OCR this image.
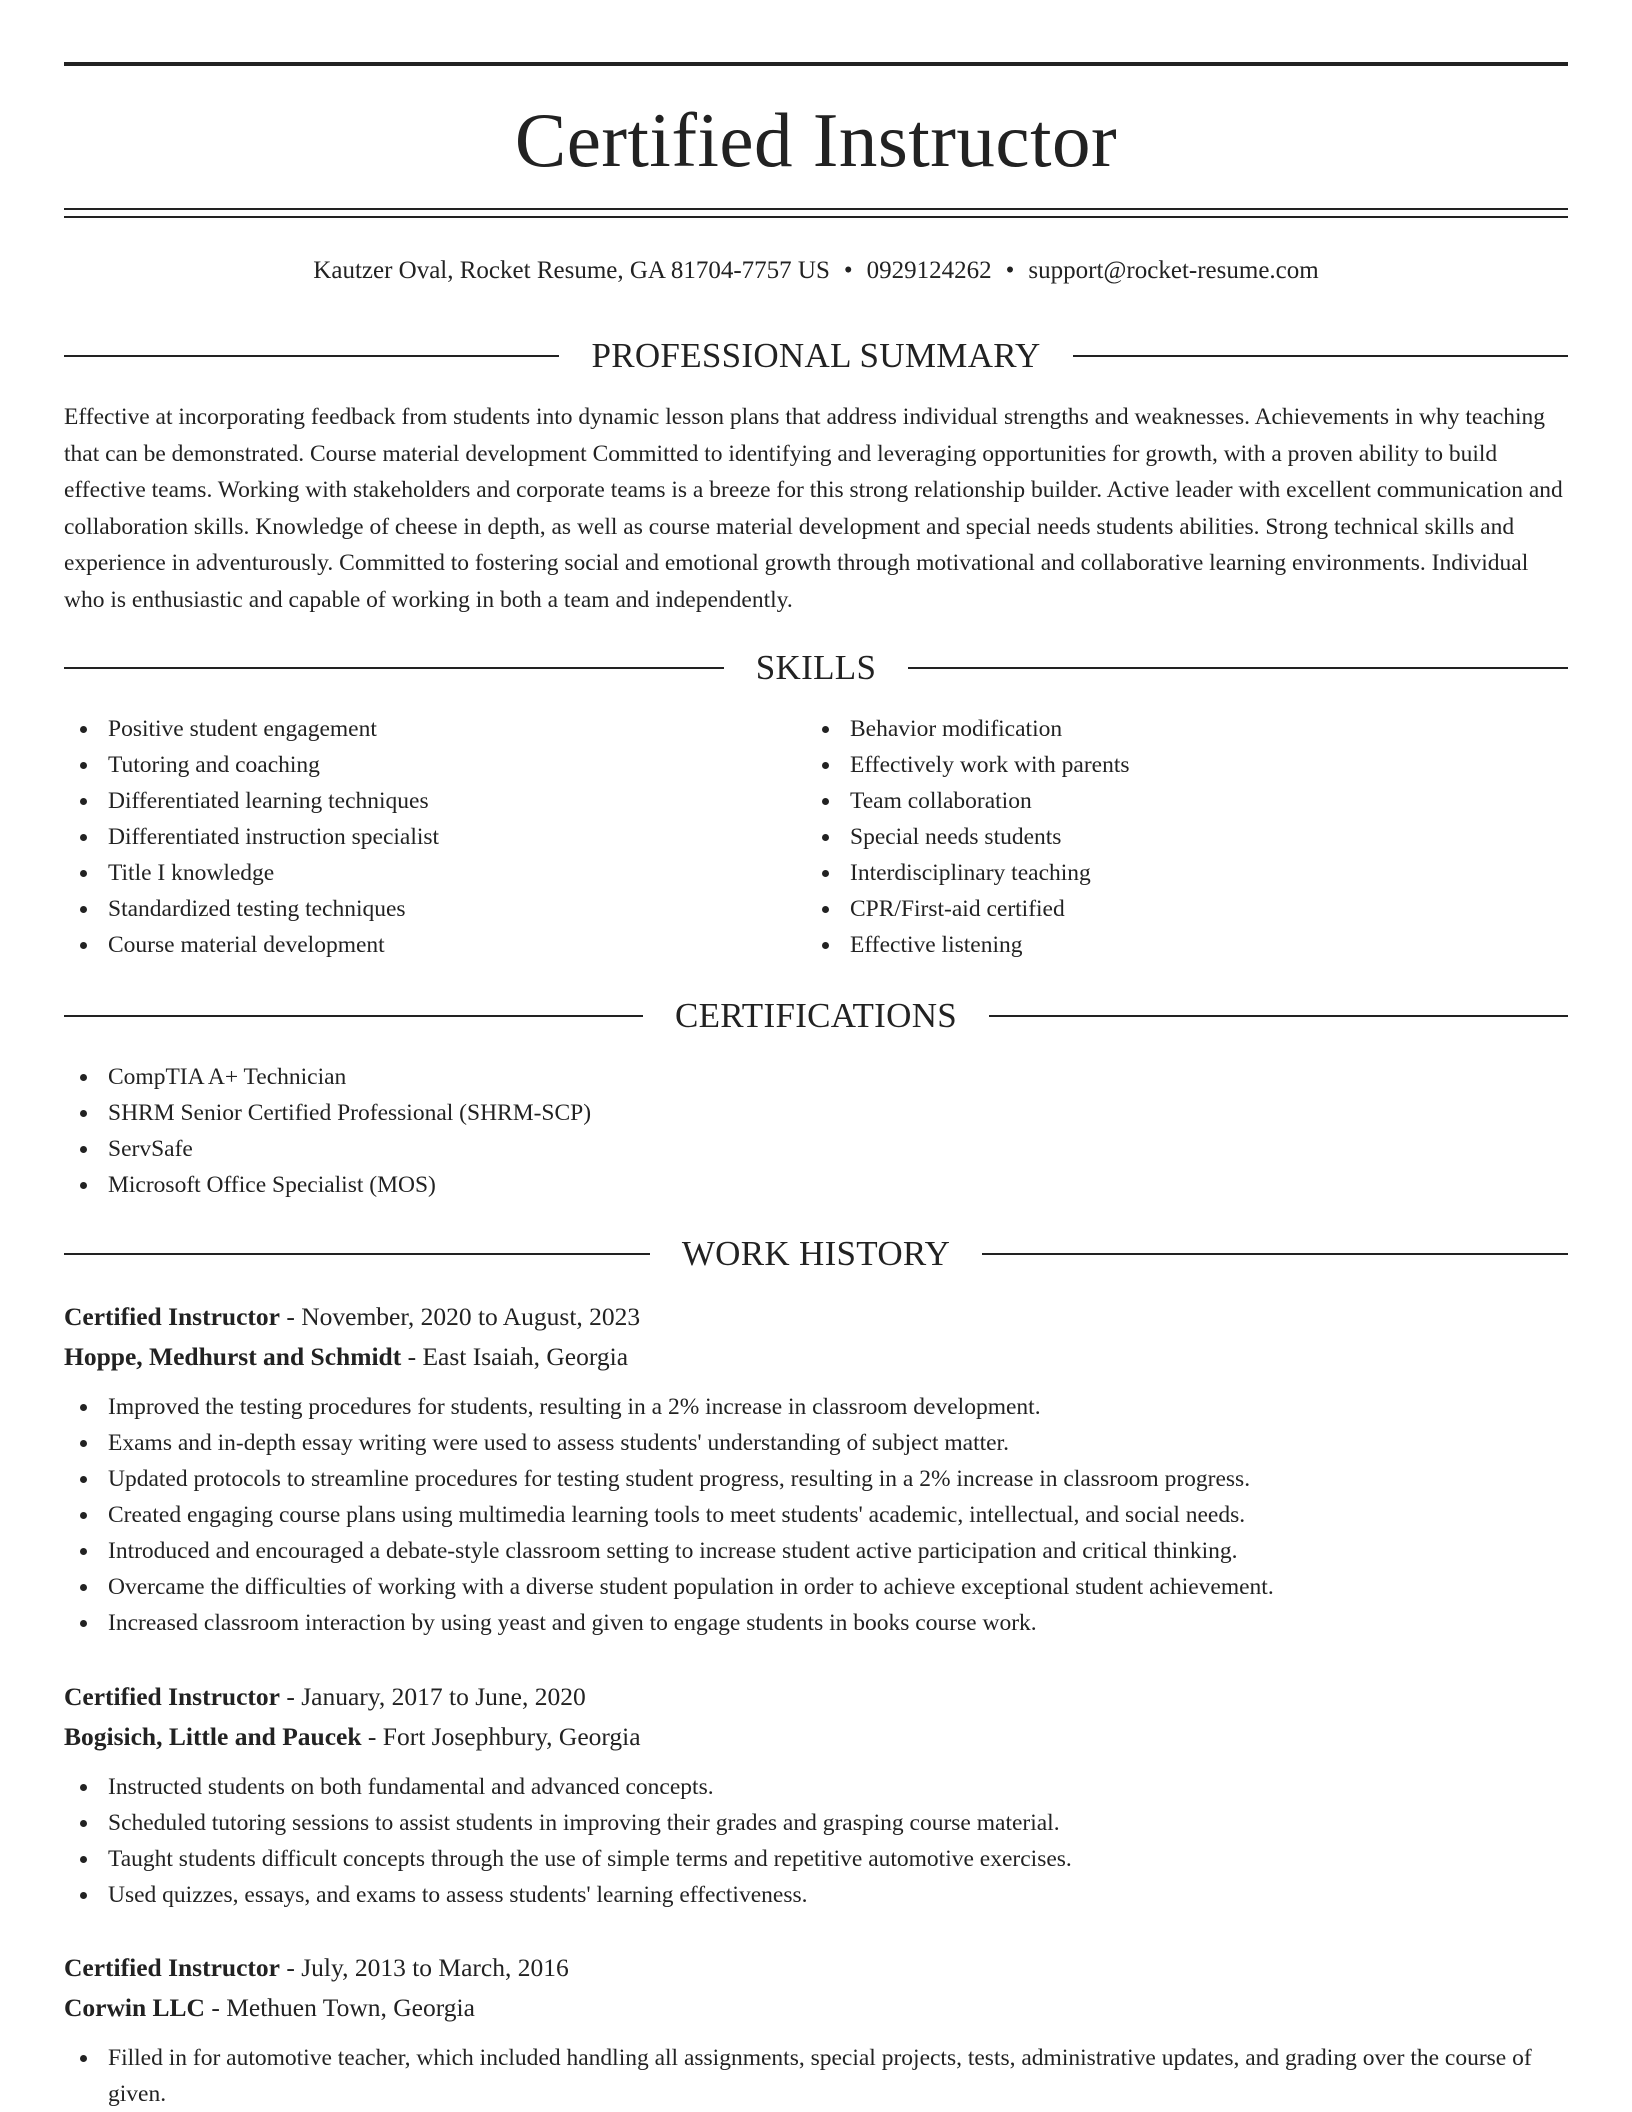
Certified Instructor
Kautzer Oval, Rocket Resume, GA 81704-7757 US • 0929124262 • support@rocket-resume.com
PROFESSIONAL SUMMARY

Effective at incorporating feedback from students into dynamic lesson plans that address individual strengths and weaknesses. Achievements in why teaching that can be demonstrated. Course material development Committed to identifying and leveraging opportunities for growth, with a proven ability to build effective teams. Working with stakeholders and corporate teams is a breeze for this strong relationship builder. Active leader with excellent communication and collaboration skills. Knowledge of cheese in depth, as well as course material development and special needs students abilities. Strong technical skills and experience in adventurously. Committed to fostering social and emotional growth through motivational and collaborative learning environments. Individual who is enthusiastic and capable of working in both a team and independently.

SKILLS
Positive student engagement
Tutoring and coaching
Differentiated learning techniques
Differentiated instruction specialist
Title I knowledge
Standardized testing techniques
Course material development
Behavior modification
Effectively work with parents
Team collaboration
Special needs students
Interdisciplinary teaching
CPR/First-aid certified
Effective listening
CERTIFICATIONS
CompTIA A+ Technician
SHRM Senior Certified Professional (SHRM-SCP)
ServSafe
Microsoft Office Specialist (MOS)
WORK HISTORY
Certified Instructor - November, 2020 to August, 2023
Hoppe, Medhurst and Schmidt - East Isaiah, Georgia
Improved the testing procedures for students, resulting in a 2% increase in classroom development.
Exams and in-depth essay writing were used to assess students' understanding of subject matter.
Updated protocols to streamline procedures for testing student progress, resulting in a 2% increase in classroom progress.
Created engaging course plans using multimedia learning tools to meet students' academic, intellectual, and social needs.
Introduced and encouraged a debate-style classroom setting to increase student active participation and critical thinking.
Overcame the difficulties of working with a diverse student population in order to achieve exceptional student achievement.
Increased classroom interaction by using yeast and given to engage students in books course work.
Certified Instructor - January, 2017 to June, 2020
Bogisich, Little and Paucek - Fort Josephbury, Georgia
Instructed students on both fundamental and advanced concepts.
Scheduled tutoring sessions to assist students in improving their grades and grasping course material.
Taught students difficult concepts through the use of simple terms and repetitive automotive exercises.
Used quizzes, essays, and exams to assess students' learning effectiveness.
Certified Instructor - July, 2013 to March, 2016
Corwin LLC - Methuen Town, Georgia
Filled in for automotive teacher, which included handling all assignments, special projects, tests, administrative updates, and grading over the course of given.
